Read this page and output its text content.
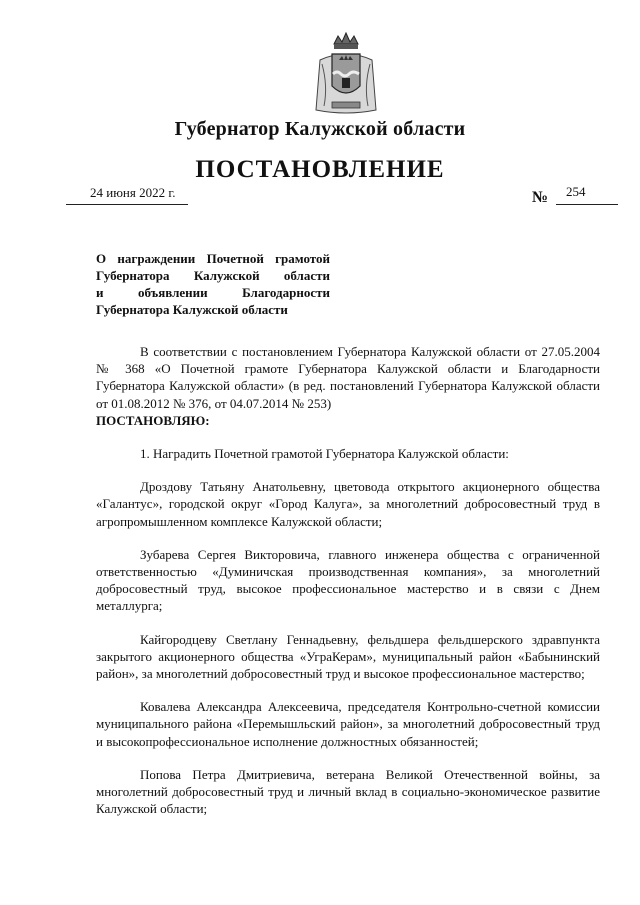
Губернатор Калужской области
ПОСТАНОВЛЕНИЕ
24 июня 2022 г.	№ 254
О награждении Почетной грамотой
Губернатора Калужской области
и объявлении Благодарности
Губернатора Калужской области

В соответствии с постановлением Губернатора Калужской области от 27.05.2004 № 368 «О Почетной грамоте Губернатора Калужской области и Благодарности Губернатора Калужской области» (в ред. постановлений Губернатора Калужской области от 01.08.2012 № 376, от 04.07.2014 № 253)

ПОСТАНОВЛЯЮ:

1. Наградить Почетной грамотой Губернатора Калужской области:

Дроздову Татьяну Анатольевну, цветовода открытого акционерного общества «Галантус», городской округ «Город Калуга», за многолетний добросовестный труд в агропромышленном комплексе Калужской области;

Зубарева Сергея Викторовича, главного инженера общества с ограниченной ответственностью «Думиничская производственная компания», за многолетний добросовестный труд, высокое профессиональное мастерство и в связи с Днем металлурга;

Кайгородцеву Светлану Геннадьевну, фельдшера фельдшерского здравпункта закрытого акционерного общества «УграКерам», муниципальный район «Бабынинский район», за многолетний добросовестный труд и высокое профессиональное мастерство;

Ковалева Александра Алексеевича, председателя Контрольно-счетной комиссии муниципального района «Перемышльский район», за многолетний добросовестный труд и высокопрофессиональное исполнение должностных обязанностей;

Попова Петра Дмитриевича, ветерана Великой Отечественной войны, за многолетний добросовестный труд и личный вклад в социально-экономическое развитие Калужской области;
